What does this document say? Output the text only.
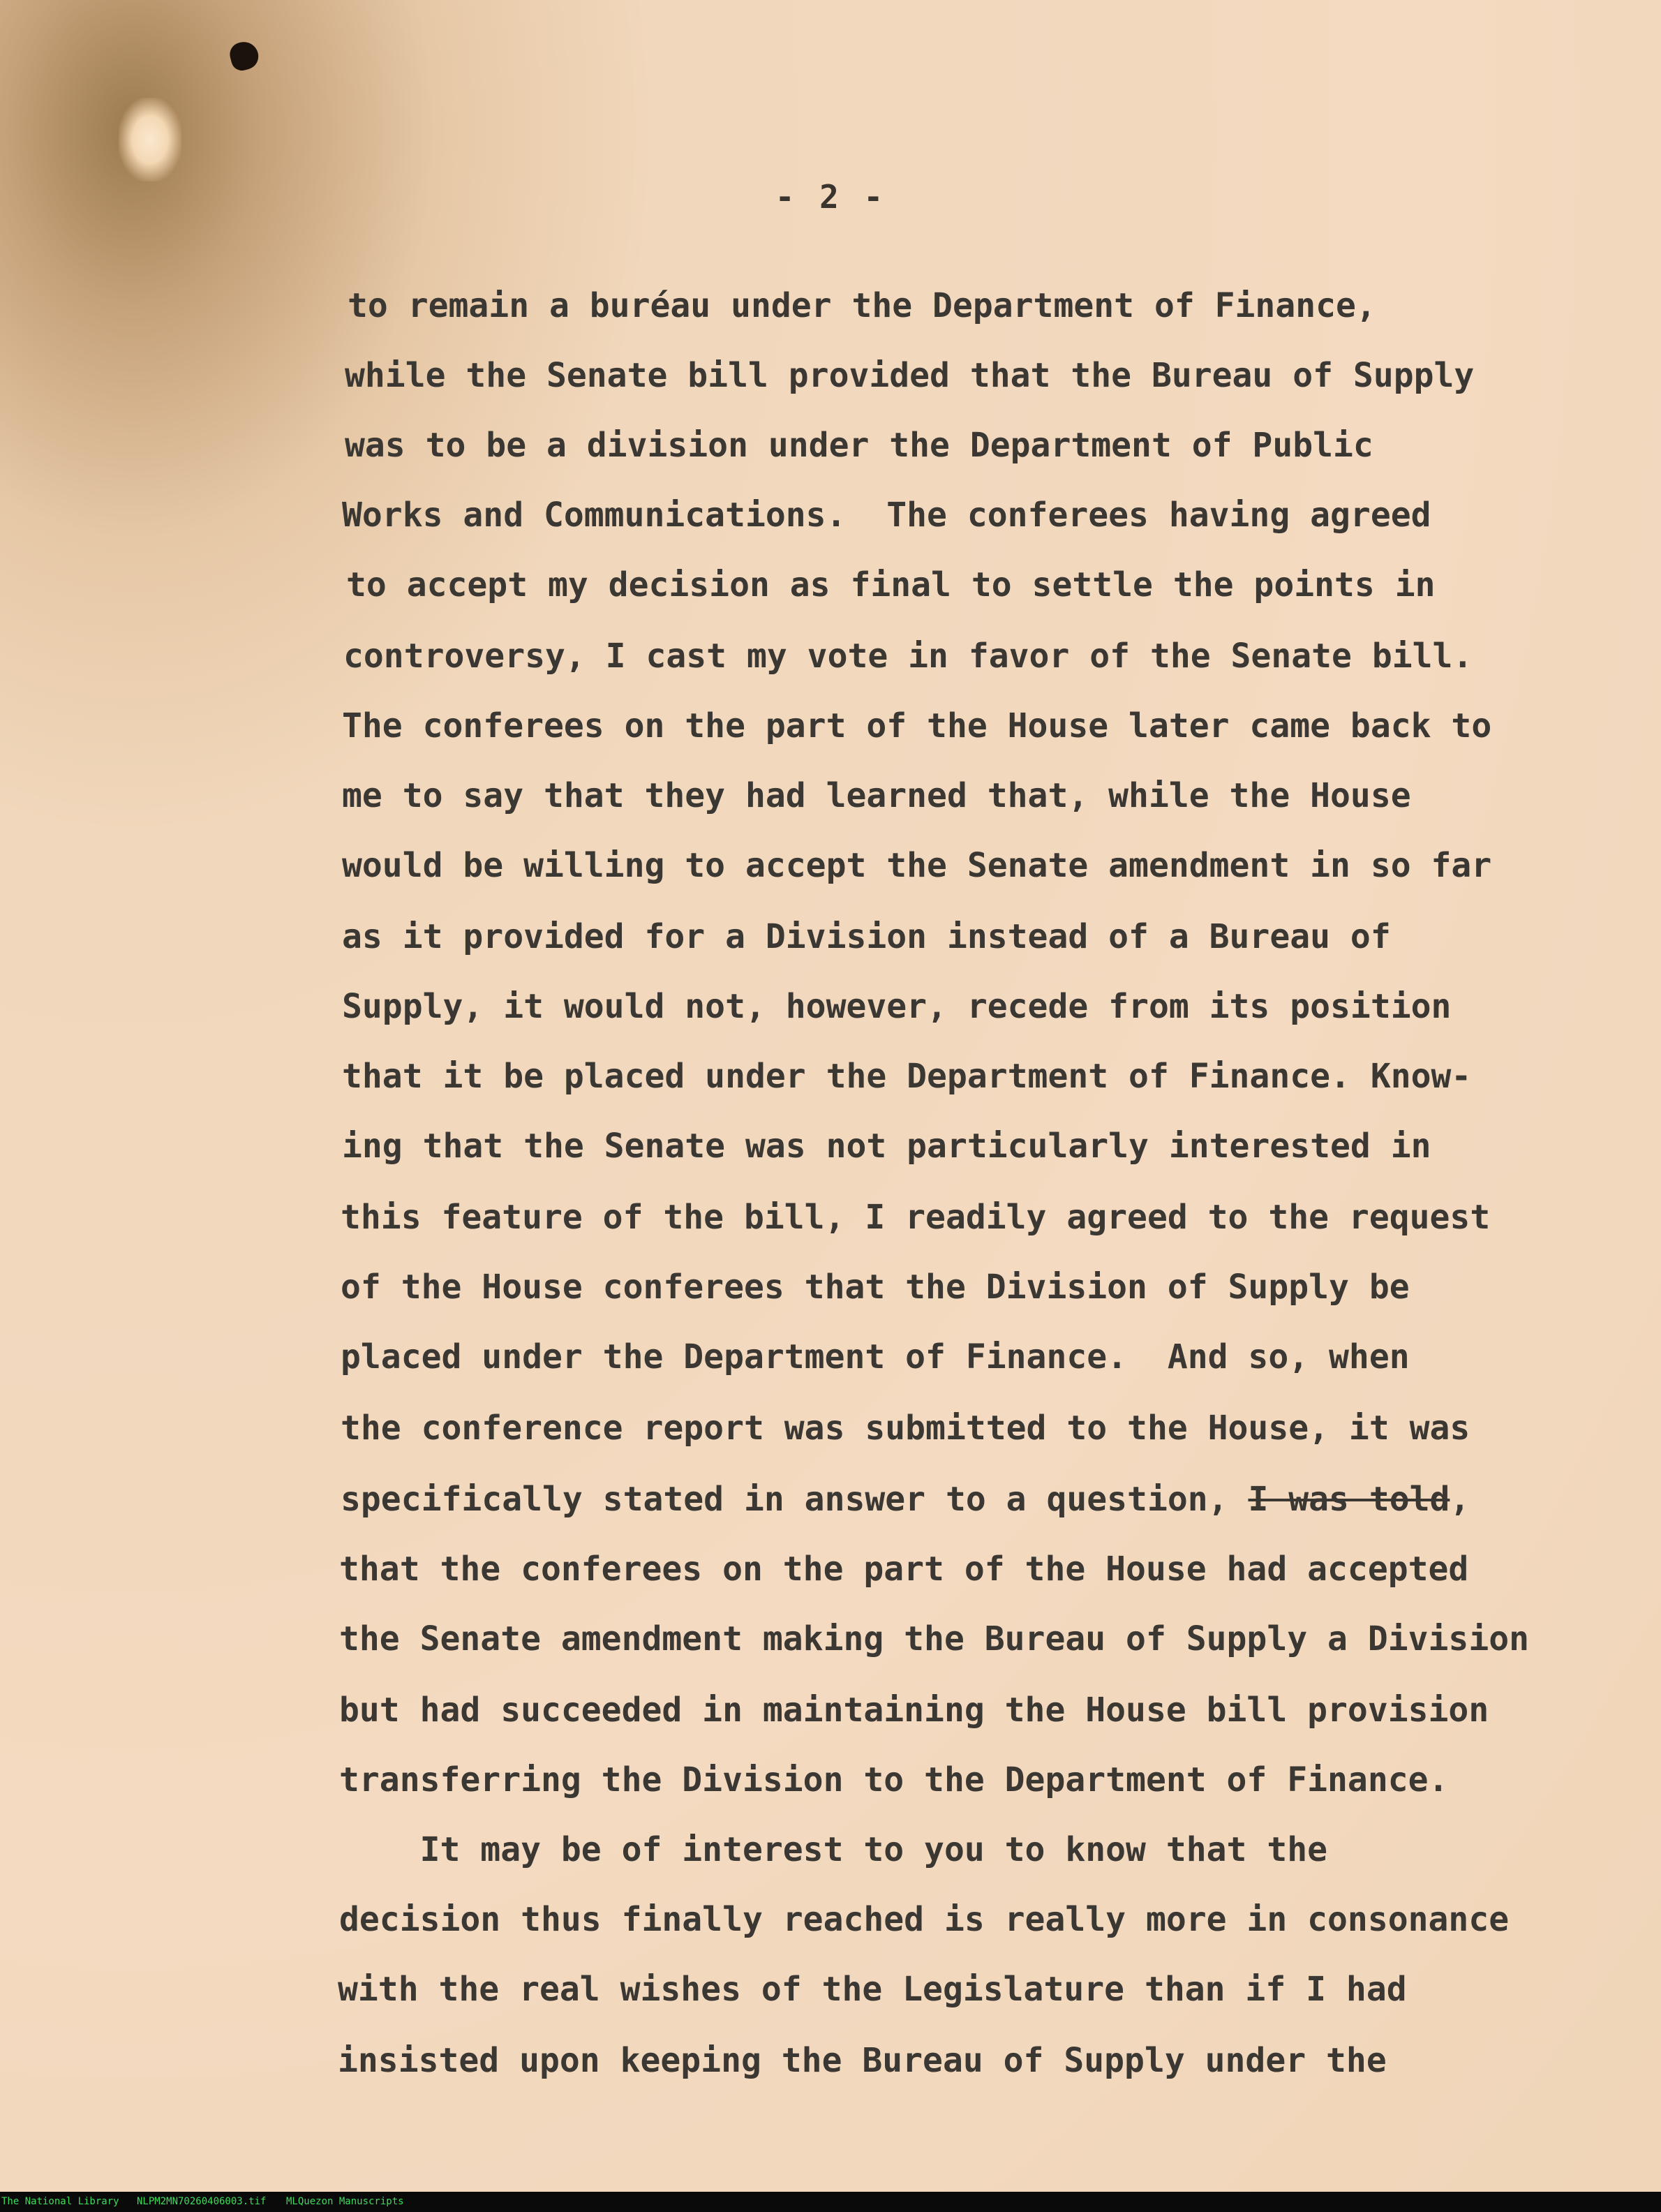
- 2 -
to remain a buréau under the Department of Finance,
while the Senate bill provided that the Bureau of Supply
was to be a division under the Department of Public
Works and Communications.  The conferees having agreed
to accept my decision as final to settle the points in
controversy, I cast my vote in favor of the Senate bill.
The conferees on the part of the House later came back to
me to say that they had learned that, while the House
would be willing to accept the Senate amendment in so far
as it provided for a Division instead of a Bureau of
Supply, it would not, however, recede from its position
that it be placed under the Department of Finance. Know-
ing that the Senate was not particularly interested in
this feature of the bill, I readily agreed to the request
of the House conferees that the Division of Supply be
placed under the Department of Finance.  And so, when
the conference report was submitted to the House, it was
specifically stated in answer to a question, I was told,
that the conferees on the part of the House had accepted
the Senate amendment making the Bureau of Supply a Division
but had succeeded in maintaining the House bill provision
transferring the Division to the Department of Finance.
It may be of interest to you to know that the
decision thus finally reached is really more in consonance
with the real wishes of the Legislature than if I had
insisted upon keeping the Bureau of Supply under the
The National Library NLPM2MN70260406003.tif MLQuezon Manuscripts
